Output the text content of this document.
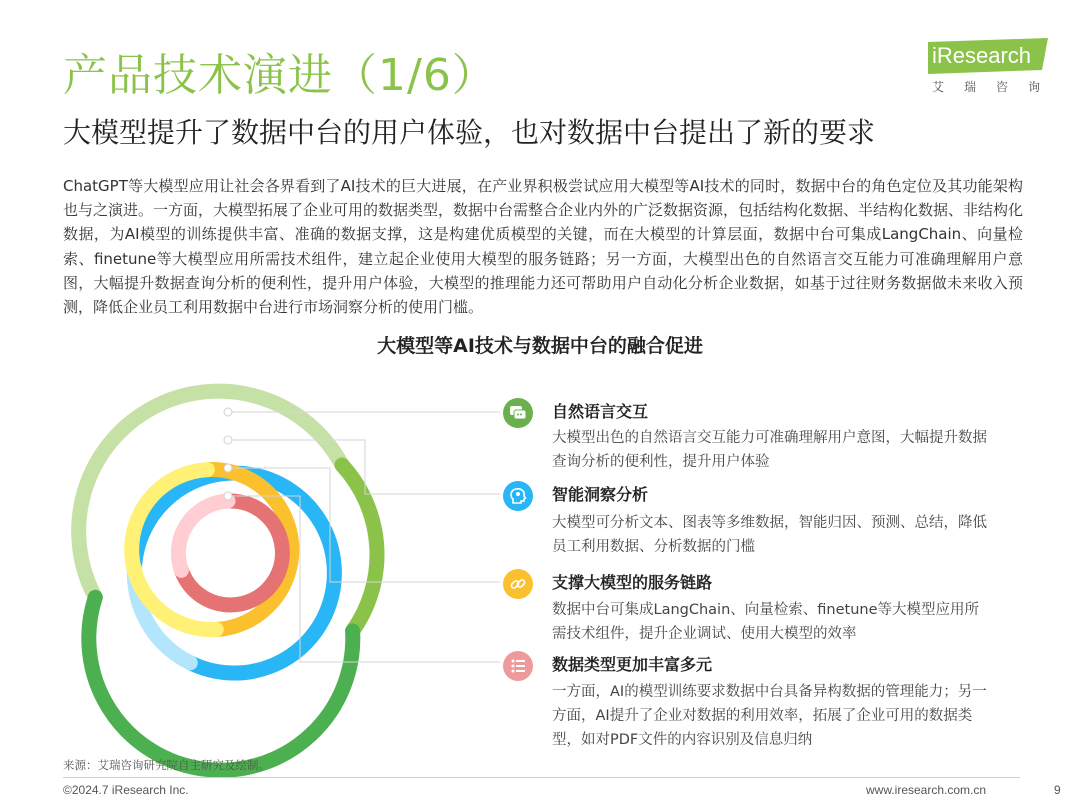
产品技术演进（1/6）
大模型提升了数据中台的用户体验，也对数据中台提出了新的要求
iResearch
艾瑞咨询
ChatGPT等大模型应用让社会各界看到了AI技术的巨大进展，在产业界积极尝试应用大模型等AI技术的同时，数据中台的角色定位及其功能架构也与之演进。一方面，大模型拓展了企业可用的数据类型，数据中台需整合企业内外的广泛数据资源，包括结构化数据、半结构化数据、非结构化数据，为AI模型的训练提供丰富、准确的数据支撑，这是构建优质模型的关键，而在大模型的计算层面，数据中台可集成LangChain、向量检索、finetune等大模型应用所需技术组件，建立起企业使用大模型的服务链路；另一方面，大模型出色的自然语言交互能力可准确理解用户意图，大幅提升数据查询分析的便利性，提升用户体验，大模型的推理能力还可帮助用户自动化分析企业数据，如基于过往财务数据做未来收入预测，降低企业员工利用数据中台进行市场洞察分析的使用门槛。
大模型等AI技术与数据中台的融合促进
自然语言交互
大模型出色的自然语言交互能力可准确理解用户意图，大幅提升数据查询分析的便利性，提升用户体验
智能洞察分析
大模型可分析文本、图表等多维数据，智能归因、预测、总结，降低员工利用数据、分析数据的门槛
支撑大模型的服务链路
数据中台可集成LangChain、向量检索、finetune等大模型应用所需技术组件，提升企业调试、使用大模型的效率
数据类型更加丰富多元
一方面，AI的模型训练要求数据中台具备异构数据的管理能力；另一方面，AI提升了企业对数据的利用效率，拓展了企业可用的数据类型，如对PDF文件的内容识别及信息归纳
来源：艾瑞咨询研究院自主研究及绘制。
©2024.7 iResearch Inc.	www.iresearch.com.cn	9
